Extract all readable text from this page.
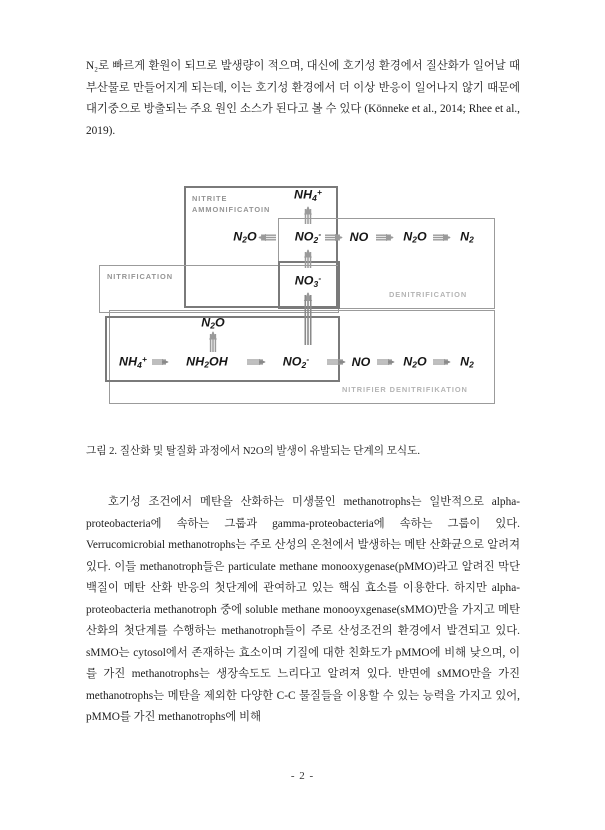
N₂로 빠르게 환원이 되므로 발생량이 적으며, 대신에 호기성 환경에서 질산화가 일어날 때 부산물로 만들어지게 되는데, 이는 호기성 환경에서 더 이상 반응이 일어나지 않기 때문에 대기중으로 방출되는 주요 원인 소스가 된다고 볼 수 있다 (Könneke et al., 2014; Rhee et al., 2019).

NITRITE
AMMONIFICATOIN
DENITRIFICATION
NITRIFICATION
NITRIFIER DENITRIFIKATION
$NH_4^+$
$N_2O$	$NO_2^-$ NO	$N_2O$	$N_2$
$NO_3^-$
$N_2O$
$NH_4^+$	$NH_2OH$	$NO_2^-$	NO	$N_2O$	$N_2$

그림 2. 질산화 및 탈질화 과정에서 N2O의 발생이 유발되는 단계의 모식도.

호기성 조건에서 메탄을 산화하는 미생물인 methanotrophs는 일반적으로 alpha-proteobacteria에 속하는 그룹과 gamma-proteobacteria에 속하는 그룹이 있다. Verrucomicrobial methanotrophs는 주로 산성의 온천에서 발생하는 메탄 산화균으로 알려져 있다. 이들 methanotroph들은 particulate methane monooxygenase(pMMO)라고 알려진 막단백질이 메탄 산화 반응의 첫단계에 관여하고 있는 핵심 효소를 이용한다. 하지만 alpha-proteobacteria methanotroph 중에 soluble methane monooyxgenase(sMMO)만을 가지고 메탄 산화의 첫단계를 수행하는 methanotroph들이 주로 산성조건의 환경에서 발견되고 있다. sMMO는 cytosol에서 존재하는 효소이며 기질에 대한 친화도가 pMMO에 비해 낮으며, 이를 가진 methanotrophs는 생장속도도 느리다고 알려져 있다. 반면에 sMMO만을 가진 methanotrophs는 메탄을 제외한 다양한 C-C 물질들을 이용할 수 있는 능력을 가지고 있어, pMMO를 가진 methanotrophs에 비해

- 2 -
